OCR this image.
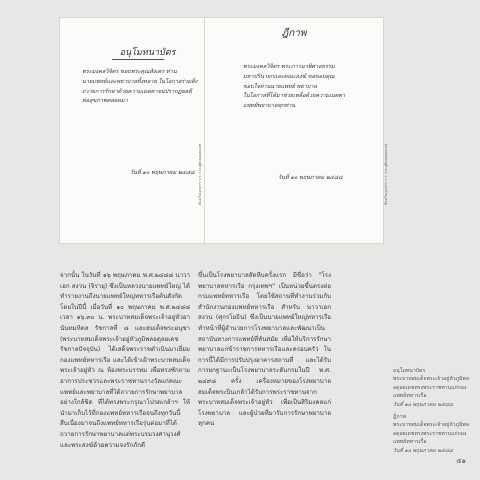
อนุโมทนาบัตร
พระมงคลวิจิตร ขอบพระคุณสังเคร ท่าน
นายแพทย์และพยาบาลทั้งหลาย ในโอกาสร่วมสิ่ง
ถวายการรักษาด้วยความเมตตาจนปรากฏผลดี
ต่อสุขภาพตลอดมา
วันที่ ๑๐ พฤษภาคม ๒๔๘๘ ห้องเก็บเอกสาร ร.ร. ร.พ.ภูมิพลอดุลยเดช
ฎีกาพ
พระมงคลวิจิตร พระภาวนาพิศาลธรรม
มหาปรินายกและคณะสงฆ์ ขอขอบคุณ
ขอบใจท่านนายแพทย์ พยาบาล
ในโอกาสที่ได้มาช่วยเหลือด้วยความเมตตา
แพทย์พยาบาลทุกท่าน
วันที่ ๑๐ พฤษภาคม ๒๔๘๘	ห้องเก็บเอกสาร ร.ร. ร.พ.ภูมิพลอดุลยเดช

จากนั้น ในวันที่ ๑๖ พฤษภาคม พ.ศ.๒๔๘๘ นาวาเอก สงวน (จิรายุ) ซึ่งเป็นหลวงนายแพทย์ใหญ่ ได้ทำรายงานถึงนายแพทย์ใหญ่ทหารเรือต้นสังกัด โดยในปีนี้ เมื่อวันที่ ๑๐ พฤษภาคม พ.ศ.๒๔๘๘ เวลา ๑๖.๓๐ น. พระบาทสมเด็จพระเจ้าอยู่หัวอานันทมหิดล รัชกาลที่ ๘ และสมเด็จพระอนุชา (พระบาทสมเด็จพระเจ้าอยู่หัวภูมิพลอดุลยเดช รัชกาลปัจจุบัน) ได้เสด็จพระราชดำเนินมาเยี่ยมกองแพทย์ทหารเรือ และได้เข้าเฝ้าพระบาทสมเด็จพระเจ้าอยู่หัว ณ ห้องพระบรรทม เพื่อทรงซักถามอาการประชวรและพระราชทานรางวัลแก่คณะแพทย์และพยาบาลที่ได้ถวายการรักษาพยาบาลอย่างใกล้ชิด ที่ได้ทรงพระกรุณาโปรดเกล้าฯ ให้นำมาเก็บไว้ที่กองแพทย์ทหารเรือจนถึงทุกวันนี้ สืบเนื่องมาจนถึงแพทย์ทหารเรือรุ่นต่อมาที่ได้ถวายการรักษาพยาบาลแด่พระบรมวงศานุวงศ์และพระสงฆ์ด้วยความจงรักภักดี

ขึ้นเป็นโรงพยาบาลสัตหีบครั้งแรก มีชื่อว่า "โรงพยาบาลทหารเรือ กรุงเทพฯ" เป็นหน่วยขึ้นตรงต่อกรมแพทย์ทหารเรือ โดยใช้สถานที่ทำงานร่วมกับสำนักงานกองแพทย์ทหารเรือ สำหรับ นาวาเอก สงวน (ศุกรโยธิน) ซึ่งเป็นนายแพทย์ใหญ่ทหารเรือ ทำหน้าที่ผู้อำนวยการโรงพยาบาลและพัฒนาเป็นสถาบันทางการแพทย์ที่ทันสมัย เพื่อให้บริการรักษาพยาบาลแก่ข้าราชการทหารเรือและครอบครัว ในการนี้ได้มีการปรับปรุงอาคารสถานที่ และได้รับการยกฐานะเป็นโรงพยาบาลระดับกรมในปี พ.ศ. ๒๔๙๘ ครั้ง เครื่องหมายของโรงพยาบาลสมเด็จพระปิ่นเกล้าได้รับการพระราชทานจากพระบาทสมเด็จพระเจ้าอยู่หัว เพื่อเป็นสิริมงคลแก่โรงพยาบาล และผู้ป่วยที่มารับการรักษาพยาบาลทุกคน

อนุโมทนาบัตร
พระบาทสมเด็จพระเจ้าอยู่หัวภูมิพลอดุลยเดชทรงพระราชทานแก่กองแพทย์ทหารเรือ
วันที่ ๑๐ พฤษภาคม ๒๔๘๘
ฎีกาพ
พระบาทสมเด็จพระเจ้าอยู่หัวภูมิพลอดุลยเดชทรงพระราชทานแก่กองแพทย์ทหารเรือ
วันที่ ๑๐ พฤษภาคม ๒๔๘๘
๕๑
